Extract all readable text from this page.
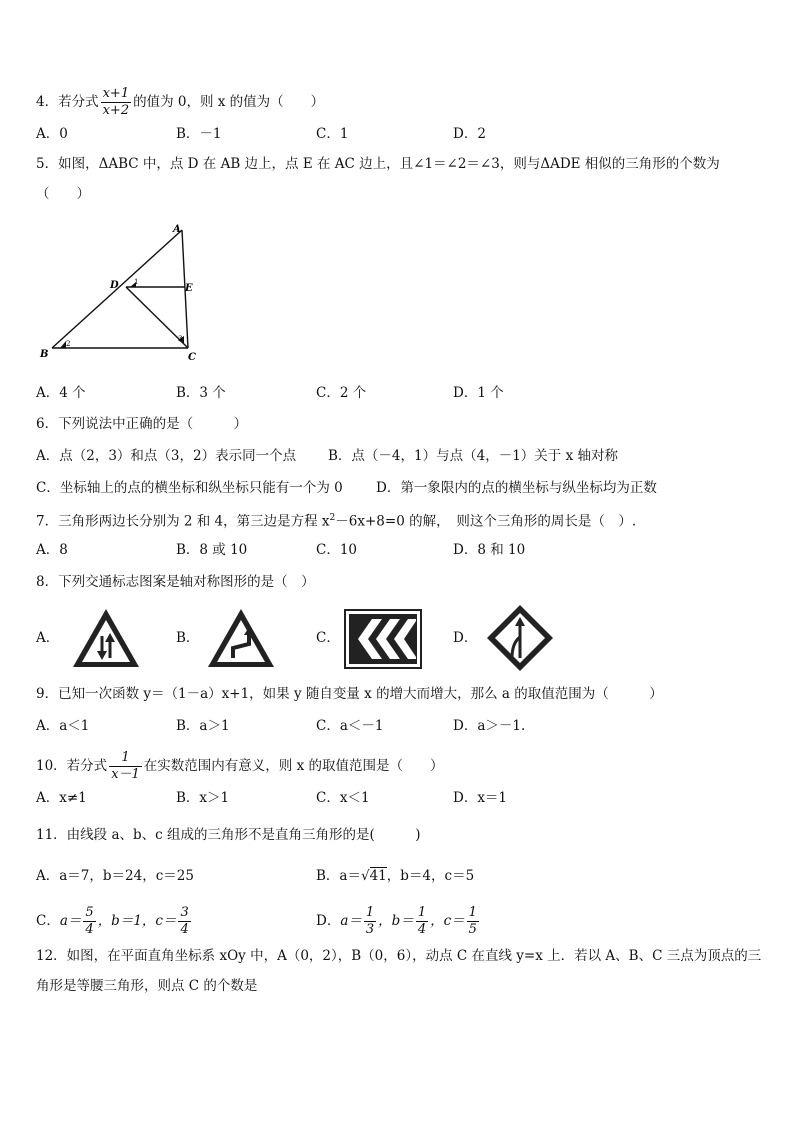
4．若分式 $\frac{x+1}{x+2}$ 的值为 0，则 x 的值为（　　）
A．0	B．－1	C．1	D．2
5．如图，ΔABC 中，点 D 在 AB 边上，点 E 在 AC 边上，且∠1＝∠2＝∠3，则与ΔADE 相似的三角形的个数为
（　　）
A
D	E
B	C
1
2
3
A．4 个	B．3 个	C．2 个	D．1 个
6．下列说法中正确的是（　　　）
A．点（2，3）和点（3，2）表示同一个点 B．点（－4，1）与点（4，－1）关于 x 轴对称
C．坐标轴上的点的横坐标和纵坐标只能有一个为 0 D．第一象限内的点的横坐标与纵坐标均为正数
7．三角形两边长分别为 2 和 4，第三边是方程 $x^2-6x+8=0$ 的解，　则这个三角形的周长是（　）.
A．8	B．8 或 10	C．10	D．8 和 10
8．下列交通标志图案是轴对称图形的是（　）
A．	B．	C．	D．
9．已知一次函数 y＝（1－a）x+1，如果 y 随自变量 x 的增大而增大，那么 a 的取值范围为（　　　）
A．a＜1	B．a＞1	C．a＜－1	D．a＞－1.
10．若分式 $\frac{1}{x-1}$ 在实数范围内有意义，则 x 的取值范围是（　　）
A．x≠1	B．x＞1	C．x＜1	D．x＝1
11．由线段 a、b、c 组成的三角形不是直角三角形的是(　　　)
A．a＝7，b＝24，c＝25	B．a＝√41，b＝4，c＝5
C．$a= \frac{5}{4}$ ，b＝1，$c= \frac{3}{4}$	D．$a= \frac{1}{3}$ ，$b= \frac{1}{4}$ ，$c= \frac{1}{5}$
12．如图，在平面直角坐标系 xOy 中，A（0，2），B（0，6），动点 C 在直线 y=x 上．若以 A、B、C 三点为顶点的三
角形是等腰三角形，则点 C 的个数是
